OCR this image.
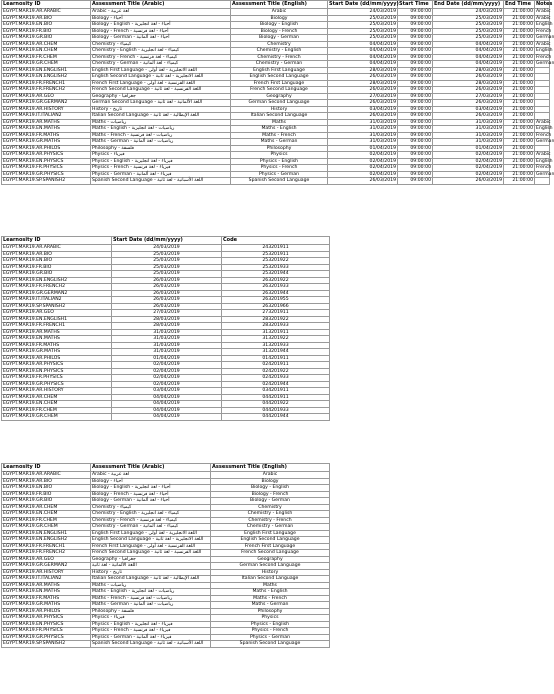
Learnosity ID	Assessment Title (Arabic)	Assessment Title (English)	Start Date (dd/mm/yyyy)	Start Time	End Date (dd/mm/yyyy)	End Time	Notes
EGYPT.MAR19.AR.ARABIC	Arabic - لغة عربية	Arabic	24/03/2019	09:00:00	24/03/2019	21:00:00	Arabic
EGYPT.MAR19.AR.BIO	Biology - أحياء	Biology	25/03/2019	09:00:00	25/03/2019	21:00:00	Arabic
EGYPT.MAR19.EN.BIO	Biology - English - أحياء - لغة انجليزية	Biology - English	25/03/2019	09:00:00	25/03/2019	21:00:00	English
EGYPT.MAR19.FR.BIO	Biology - French - أحياء - لغة فرنسية	Biology - French	25/03/2019	09:00:00	25/03/2019	21:00:00	French
EGYPT.MAR19.GR.BIO	Biology - German - أحياء - لغة ألمانية	Biology - German	25/03/2019	09:00:00	25/03/2019	21:00:00	German
EGYPT.MAR19.AR.CHEM	Chemistry - كيمياء	Chemistry	04/04/2019	09:00:00	04/04/2019	21:00:00	Arabic
EGYPT.MAR19.EN.CHEM	Chemistry - English - كيمياء - لغة انجليزية	Chemistry - English	04/04/2019	09:00:00	04/04/2019	21:00:00	English
EGYPT.MAR19.FR.CHEM	Chemistry - French - كيمياء - لغة فرنسية	Chemistry - French	04/04/2019	09:00:00	04/04/2019	21:00:00	French
EGYPT.MAR19.GR.CHEM	Chemistry - German - كيمياء - لغة ألمانية	Chemistry - German	04/04/2019	09:00:00	04/04/2019	21:00:00	German
EGYPT.MAR19.EN.ENGLISH1	English First Language - اللغة الانجليزية - لغة أولى	English First Language	28/03/2019	09:00:00	28/03/2019	21:00:00	
EGYPT.MAR19.EN.ENGLISH2	English Second Language - اللغة الانجليزية - لغة ثانية	English Second Language	26/03/2019	09:00:00	26/03/2019	21:00:00	
EGYPT.MAR19.FR.FRENCH1	French First Language - اللغة الفرنسية - لغة أولى	French First Language	28/03/2019	09:00:00	28/03/2019	21:00:00	
EGYPT.MAR19.FR.FRENCH2	French Second Language - اللغة الفرنسية - لغة ثانية	French Second Language	26/03/2019	09:00:00	26/03/2019	21:00:00	
EGYPT.MAR19.AR.GEO	Geography - جغرافيا	Geography	27/03/2019	09:00:00	27/03/2019	21:00:00	
EGYPT.MAR19.GR.GERMAN2	German Second Language - اللغة الألمانية - لغة ثانية	German Second Language	26/03/2019	09:00:00	26/03/2019	21:00:00	
EGYPT.MAR19.AR.HISTORY	History - تاريخ	History	03/04/2019	09:00:00	03/04/2019	21:00:00	
EGYPT.MAR19.IT.ITALIAN2	Italian Second Language - اللغة الإيطالية - لغة ثانية	Italian Second Language	26/03/2019	09:00:00	26/03/2019	21:00:00	
EGYPT.MAR19.AR.MATHS	Maths - رياضيات	Maths	31/03/2019	09:00:00	31/03/2019	21:00:00	Arabic
EGYPT.MAR19.EN.MATHS	Maths - English - رياضيات - لغة انجليزية	Maths - English	31/03/2019	09:00:00	31/03/2019	21:00:00	English
EGYPT.MAR19.FR.MATHS	Maths - French - رياضيات - لغة فرنسية	Maths - French	31/03/2019	09:00:00	31/03/2019	21:00:00	French
EGYPT.MAR19.GR.MATHS	Maths - German - رياضيات - لغة ألمانية	Maths - German	31/03/2019	09:00:00	31/03/2019	21:00:00	German
EGYPT.MAR19.AR.PHILOS	Philosophy - فلسفة	Philosophy	01/04/2019	09:00:00	01/04/2019	21:00:00	
EGYPT.MAR19.AR.PHYSICS	Physics - فيزياء	Physics	02/04/2019	09:00:00	02/04/2019	21:00:00	Arabic
EGYPT.MAR19.EN.PHYSICS	Physics - English - فيزياء - لغة انجليزية	Physics - English	02/04/2019	09:00:00	02/04/2019	21:00:00	English
EGYPT.MAR19.FR.PHYSICS	Physics - French - فيزياء - لغة فرنسية	Physics - French	02/04/2019	09:00:00	02/04/2019	21:00:00	French
EGYPT.MAR19.GR.PHYSICS	Physics - German - فيزياء - لغة ألمانية	Physics - German	02/04/2019	09:00:00	02/04/2019	21:00:00	German
EGYPT.MAR19.SP.SPANISH2	Spanish Second Language - اللغة الأسبانية - لغة ثانية	Spanish Second Language	26/03/2019	09:00:00	26/03/2019	21:00:00	
Learnosity ID	Start Date (dd/mm/yyyy)	Code
EGYPT.MAR19.AR.ARABIC	24/03/2019	243201911
EGYPT.MAR19.AR.BIO	25/03/2019	253201911
EGYPT.MAR19.EN.BIO	25/03/2019	253201922
EGYPT.MAR19.FR.BIO	25/03/2019	253201933
EGYPT.MAR19.GR.BIO	25/03/2019	253201944
EGYPT.MAR19.EN.ENGLISH2	26/03/2019	263201922
EGYPT.MAR19.FR.FRENCH2	26/03/2019	263201933
EGYPT.MAR19.GR.GERMAN2	26/03/2019	263201944
EGYPT.MAR19.IT.ITALIAN2	26/03/2019	263201955
EGYPT.MAR19.SP.SPANISH2	26/03/2019	263201966
EGYPT.MAR19.AR.GEO	27/03/2019	273201911
EGYPT.MAR19.EN.ENGLISH1	28/03/2019	283201922
EGYPT.MAR19.FR.FRENCH1	28/03/2019	283201933
EGYPT.MAR19.AR.MATHS	31/03/2019	313201911
EGYPT.MAR19.EN.MATHS	31/03/2019	313201922
EGYPT.MAR19.FR.MATHS	31/03/2019	313201933
EGYPT.MAR19.GR.MATHS	31/03/2019	313201944
EGYPT.MAR19.AR.PHILOS	01/04/2019	014201911
EGYPT.MAR19.AR.PHYSICS	02/04/2019	024201911
EGYPT.MAR19.EN.PHYSICS	02/04/2019	024201922
EGYPT.MAR19.FR.PHYSICS	02/04/2019	024201933
EGYPT.MAR19.GR.PHYSICS	02/04/2019	024201944
EGYPT.MAR19.AR.HISTORY	03/04/2019	034201911
EGYPT.MAR19.AR.CHEM	04/04/2019	044201911
EGYPT.MAR19.EN.CHEM	04/04/2019	044201922
EGYPT.MAR19.FR.CHEM	04/04/2019	044201933
EGYPT.MAR19.GR.CHEM	04/04/2019	044201944
Learnosity ID	Assessment Title (Arabic)	Assessment Title (English)
EGYPT.MAR19.AR.ARABIC	Arabic - لغة عربية	Arabic
EGYPT.MAR19.AR.BIO	Biology - أحياء	Biology
EGYPT.MAR19.EN.BIO	Biology - English - أحياء - لغة انجليزية	Biology - English
EGYPT.MAR19.FR.BIO	Biology - French - أحياء - لغة فرنسية	Biology - French
EGYPT.MAR19.GR.BIO	Biology - German - أحياء - لغة ألمانية	Biology - German
EGYPT.MAR19.AR.CHEM	Chemistry - كيمياء	Chemistry
EGYPT.MAR19.EN.CHEM	Chemistry - English - كيمياء - لغة انجليزية	Chemistry - English
EGYPT.MAR19.FR.CHEM	Chemistry - French - كيمياء - لغة فرنسية	Chemistry - French
EGYPT.MAR19.GR.CHEM	Chemistry - German - كيمياء - لغة ألمانية	Chemistry - German
EGYPT.MAR19.EN.ENGLISH1	English First Language - اللغة الانجليزية - لغة أولى	English First Language
EGYPT.MAR19.EN.ENGLISH2	English Second Language - اللغة الانجليزية - لغة ثانية	English Second Language
EGYPT.MAR19.FR.FRENCH1	French First Language - اللغة الفرنسية - لغة أولى	French First Language
EGYPT.MAR19.FR.FRENCH2	French Second Language - اللغة الفرنسية - لغة ثانية	French Second Language
EGYPT.MAR19.AR.GEO	Geography - جغرافيا	Geography
EGYPT.MAR19.GR.GERMAN2	اللغة الألمانية - لغة ثانية	German Second Language
EGYPT.MAR19.AR.HISTORY	History - تاريخ	History
EGYPT.MAR19.IT.ITALIAN2	Italian Second Language - اللغة الإيطالية - لغة ثانية	Italian Second Language
EGYPT.MAR19.AR.MATHS	Maths - رياضيات	Maths
EGYPT.MAR19.EN.MATHS	Maths - English - رياضيات - لغة انجليزية	Maths - English
EGYPT.MAR19.FR.MATHS	Maths - French - رياضيات - لغة فرنسية	Maths - French
EGYPT.MAR19.GR.MATHS	Maths - German - رياضيات - لغة ألمانية	Maths - German
EGYPT.MAR19.AR.PHILOS	Philosophy - فلسفة	Philosophy
EGYPT.MAR19.AR.PHYSICS	Physics - فيزياء	Physics
EGYPT.MAR19.EN.PHYSICS	Physics - English - فيزياء - لغة انجليزية	Physics - English
EGYPT.MAR19.FR.PHYSICS	Physics - French - فيزياء - لغة فرنسية	Physics - French
EGYPT.MAR19.GR.PHYSICS	Physics - German - فيزياء - لغة ألمانية	Physics - German
EGYPT.MAR19.SP.SPANISH2	Spanish Second Language - اللغة الأسبانية - لغة ثانية	Spanish Second Language
